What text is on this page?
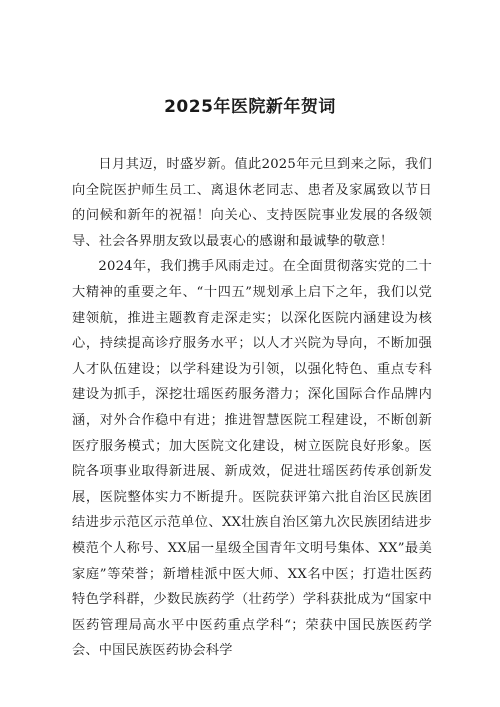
2025年医院新年贺词

日月其迈，时盛岁新。值此2025年元旦到来之际，我们向全院医护师生员工、离退休老同志、患者及家属致以节日的问候和新年的祝福！向关心、支持医院事业发展的各级领导、社会各界朋友致以最衷心的感谢和最诚挚的敬意！

2024年，我们携手风雨走过。在全面贯彻落实党的二十大精神的重要之年、“十四五”规划承上启下之年，我们以党建领航，推进主题教育走深走实；以深化医院内涵建设为核心，持续提高诊疗服务水平；以人才兴院为导向，不断加强人才队伍建设；以学科建设为引领，以强化特色、重点专科建设为抓手，深挖壮瑶医药服务潜力；深化国际合作品牌内涵，对外合作稳中有进；推进智慧医院工程建设，不断创新医疗服务模式；加大医院文化建设，树立医院良好形象。医院各项事业取得新进展、新成效，促进壮瑶医药传承创新发展，医院整体实力不断提升。医院获评第六批自治区民族团结进步示范区示范单位、XX壮族自治区第九次民族团结进步模范个人称号、XX届一星级全国青年文明号集体、XX”最美家庭”等荣誉；新增桂派中医大师、XX名中医；打造壮医药特色学科群，少数民族药学（壮药学）学科获批成为“国家中医药管理局高水平中医药重点学科“；荣获中国民族医药学会、中国民族医药协会科学
